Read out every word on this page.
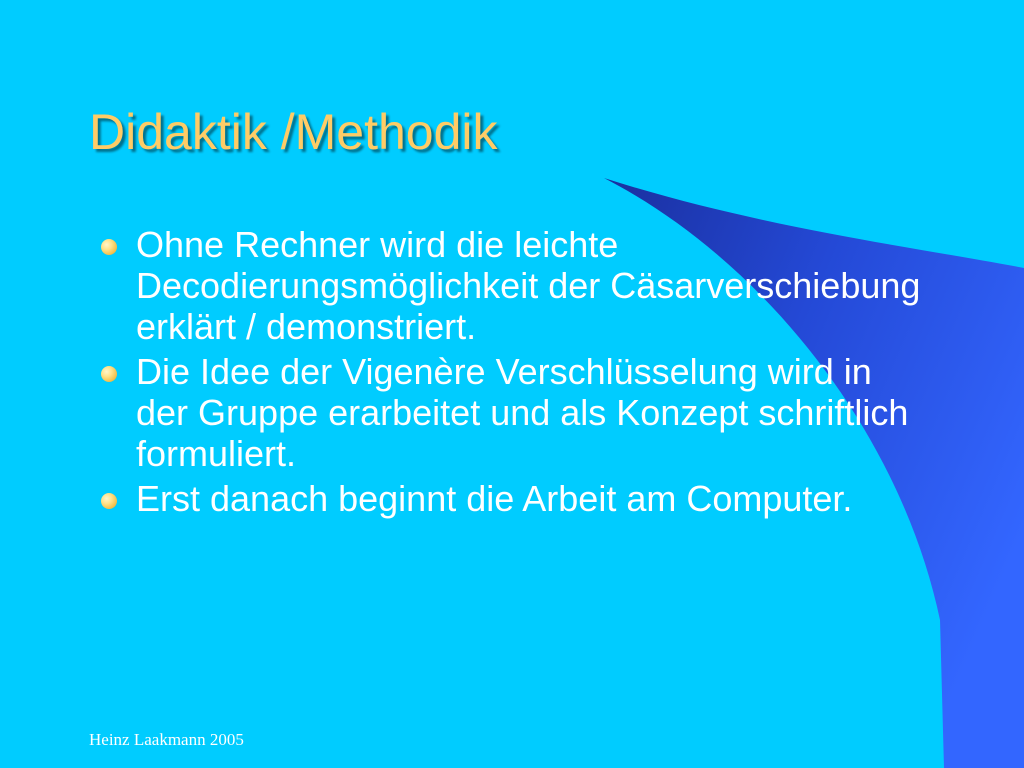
Didaktik /Methodik
Ohne Rechner wird die leichte Decodierungsmöglichkeit der Cäsarverschiebung erklärt / demonstriert.
Die Idee der Vigenère Verschlüsselung wird in der Gruppe erarbeitet und als Konzept schriftlich formuliert.
Erst danach beginnt die Arbeit am Computer.
Heinz Laakmann 2005
